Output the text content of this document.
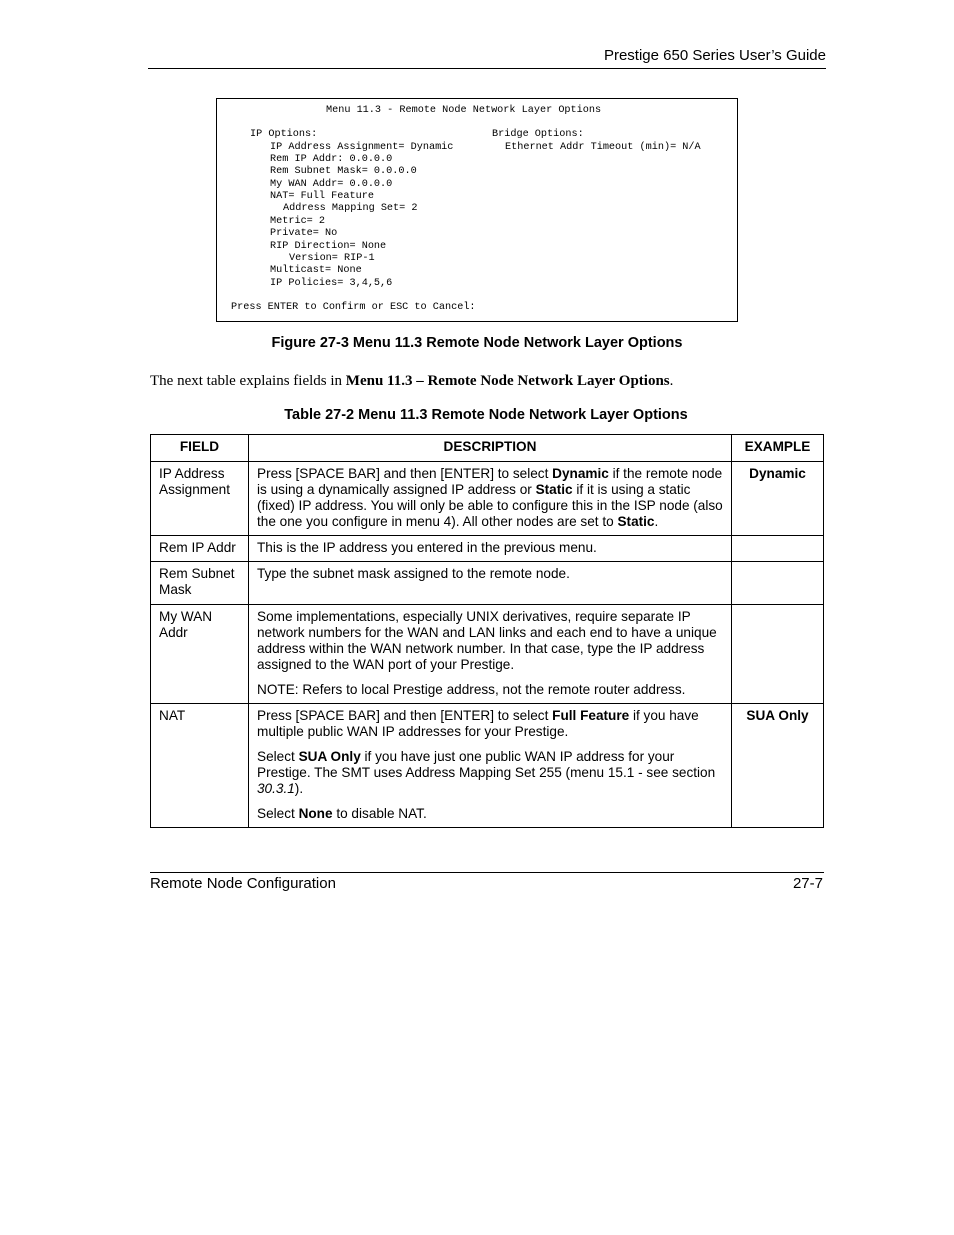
Prestige 650 Series User’s Guide
Menu 11.3 - Remote Node Network Layer Options
IP Options:	Bridge Options:
IP Address Assignment= Dynamic	Ethernet Addr Timeout (min)= N/A
Rem IP Addr: 0.0.0.0
Rem Subnet Mask= 0.0.0.0
My WAN Addr= 0.0.0.0
NAT= Full Feature
Address Mapping Set= 2
Metric= 2
Private= No
RIP Direction= None
Version= RIP-1
Multicast= None
IP Policies= 3,4,5,6
Press ENTER to Confirm or ESC to Cancel:
Figure 27-3 Menu 11.3 Remote Node Network Layer Options
The next table explains fields in Menu 11.3 – Remote Node Network Layer Options.
Table 27-2 Menu 11.3 Remote Node Network Layer Options
FIELD	DESCRIPTION	EXAMPLE
IP Address Assignment	Press [SPACE BAR] and then [ENTER] to select Dynamic if the remote node is using a dynamically assigned IP address or Static if it is using a static (fixed) IP address. You will only be able to configure this in the ISP node (also the one you configure in menu 4). All other nodes are set to Static.	Dynamic
Rem IP Addr	This is the IP address you entered in the previous menu.	
Rem Subnet Mask	Type the subnet mask assigned to the remote node.	
My WAN Addr	Some implementations, especially UNIX derivatives, require separate IP network numbers for the WAN and LAN links and each end to have a unique address within the WAN network number. In that case, type the IP address assigned to the WAN port of your Prestige.

NOTE: Refers to local Prestige address, not the remote router address.	

NAT	Press [SPACE BAR] and then [ENTER] to select Full Feature if you have multiple public WAN IP addresses for your Prestige.

Select SUA Only if you have just one public WAN IP address for your Prestige. The SMT uses Address Mapping Set 255 (menu 15.1 - see section 30.3.1).

Select None to disable NAT.	SUA Only
Remote Node Configuration	27-7
